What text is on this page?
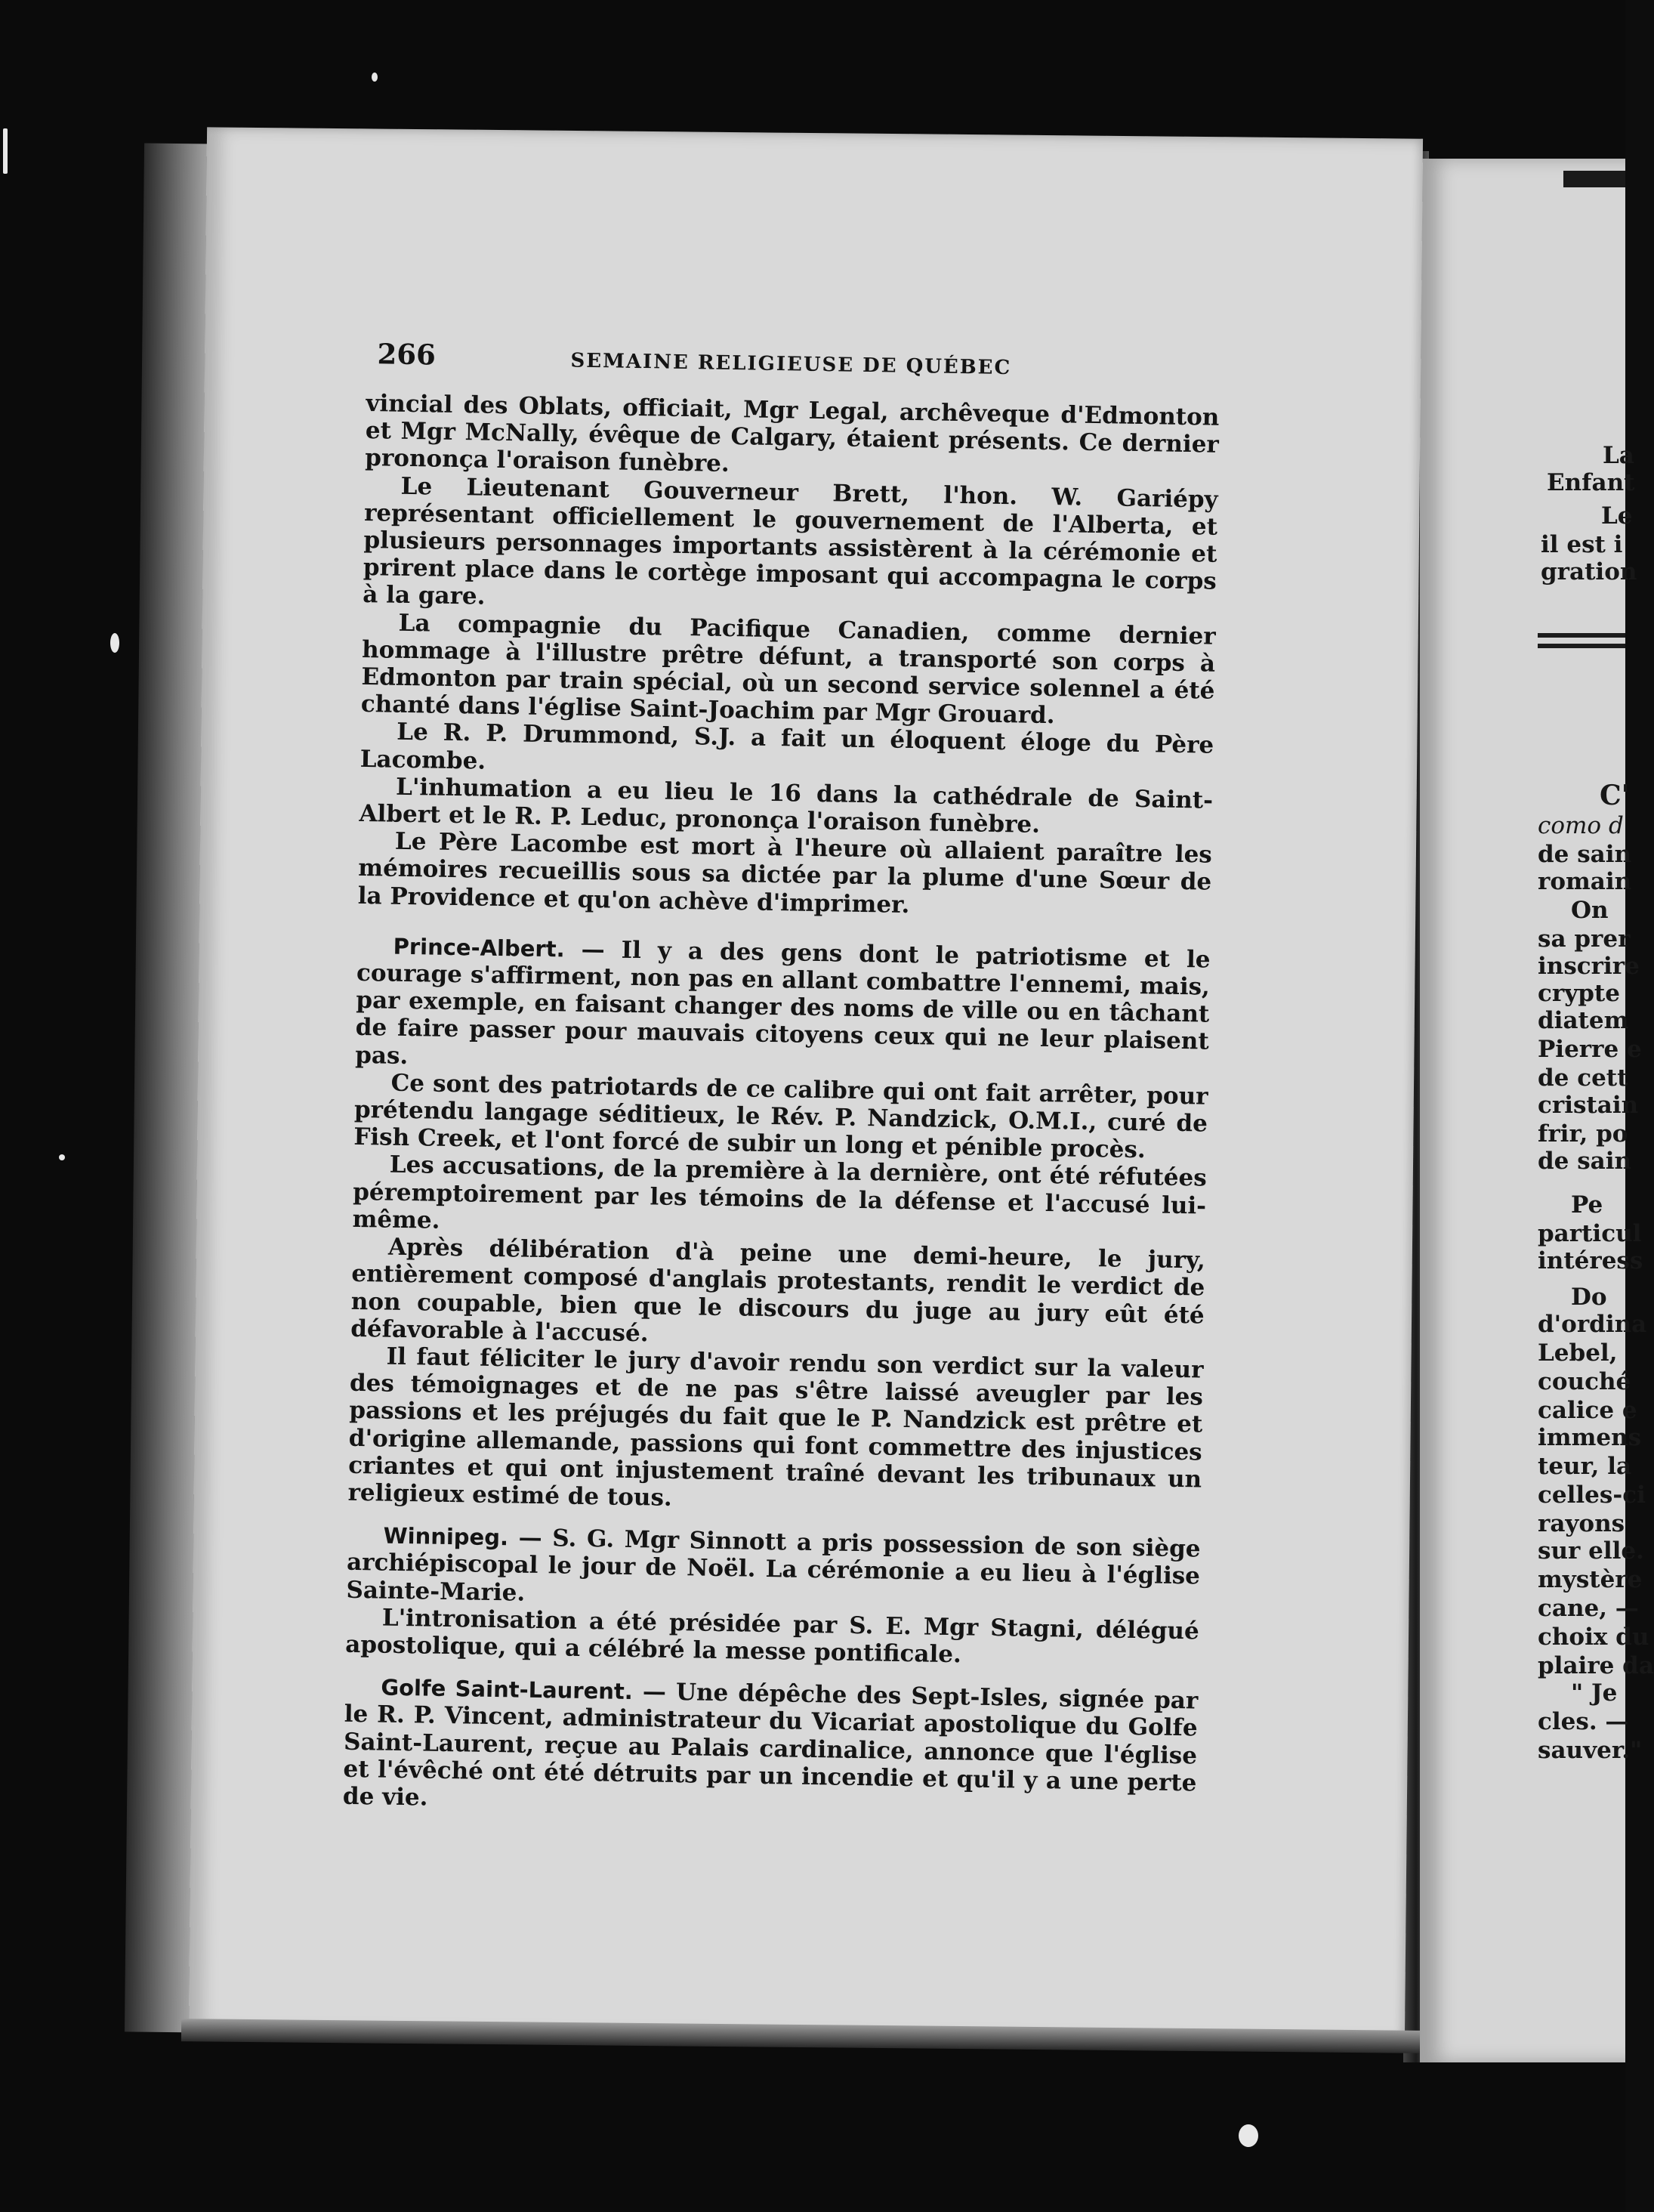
La
Enfant
Le
il est i
gration
C'
como d
de sain
romain
On
sa prer
inscrire
crypte
diatem
Pierre e
de cett
cristain
frir, po
de sain
Pe
particul
intéress
Do
d'ordina
Lebel,
couché
calice e
immens
teur, la
celles-ci
rayons
sur elle.
mystère
cane, —
choix du
plaire da
" Je
cles. —
sauver."
266	SEMAINE RELIGIEUSE DE QUÉBEC

vincial des Oblats, officiait, Mgr Legal, archêveque d'Edmonton et Mgr McNally, évêque de Calgary, étaient présents. Ce dernier prononça l'oraison funèbre.

Le Lieutenant Gouverneur Brett, l'hon. W. Gariépy représentant officiellement le gouvernement de l'Alberta, et plusieurs personnages importants assistèrent à la cérémonie et prirent place dans le cortège imposant qui accompagna le corps à la gare.

La compagnie du Pacifique Canadien, comme dernier hommage à l'illustre prêtre défunt, a transporté son corps à Edmonton par train spécial, où un second service solennel a été chanté dans l'église Saint-Joachim par Mgr Grouard.

Le R. P. Drummond, S.J. a fait un éloquent éloge du Père Lacombe.

L'inhumation a eu lieu le 16 dans la cathédrale de Saint-Albert et le R. P. Leduc, prononça l'oraison funèbre.

Le Père Lacombe est mort à l'heure où allaient paraître les mémoires recueillis sous sa dictée par la plume d'une Sœur de la Providence et qu'on achève d'imprimer.

Prince-Albert. — Il y a des gens dont le patriotisme et le courage s'affirment, non pas en allant combattre l'ennemi, mais, par exemple, en faisant changer des noms de ville ou en tâchant de faire passer pour mauvais citoyens ceux qui ne leur plaisent pas.

Ce sont des patriotards de ce calibre qui ont fait arrêter, pour prétendu langage séditieux, le Rév. P. Nandzick, O.M.I., curé de Fish Creek, et l'ont forcé de subir un long et pénible procès.

Les accusations, de la première à la dernière, ont été réfutées péremptoirement par les témoins de la défense et l'accusé lui-même.

Après délibération d'à peine une demi-heure, le jury, entièrement composé d'anglais protestants, rendit le verdict de non coupable, bien que le discours du juge au jury eût été défavorable à l'accusé.

Il faut féliciter le jury d'avoir rendu son verdict sur la valeur des témoignages et de ne pas s'être laissé aveugler par les passions et les préjugés du fait que le P. Nandzick est prêtre et d'origine allemande, passions qui font commettre des injustices criantes et qui ont injustement traîné devant les tribunaux un religieux estimé de tous.

Winnipeg. — S. G. Mgr Sinnott a pris possession de son siège archiépiscopal le jour de Noël. La cérémonie a eu lieu à l'église Sainte-Marie.

L'intronisation a été présidée par S. E. Mgr Stagni, délégué apostolique, qui a célébré la messe pontificale.

Golfe Saint-Laurent. — Une dépêche des Sept-Isles, signée par le R. P. Vincent, administrateur du Vicariat apostolique du Golfe Saint-Laurent, reçue au Palais cardinalice, annonce que l'église et l'évêché ont été détruits par un incendie et qu'il y a une perte de vie.
